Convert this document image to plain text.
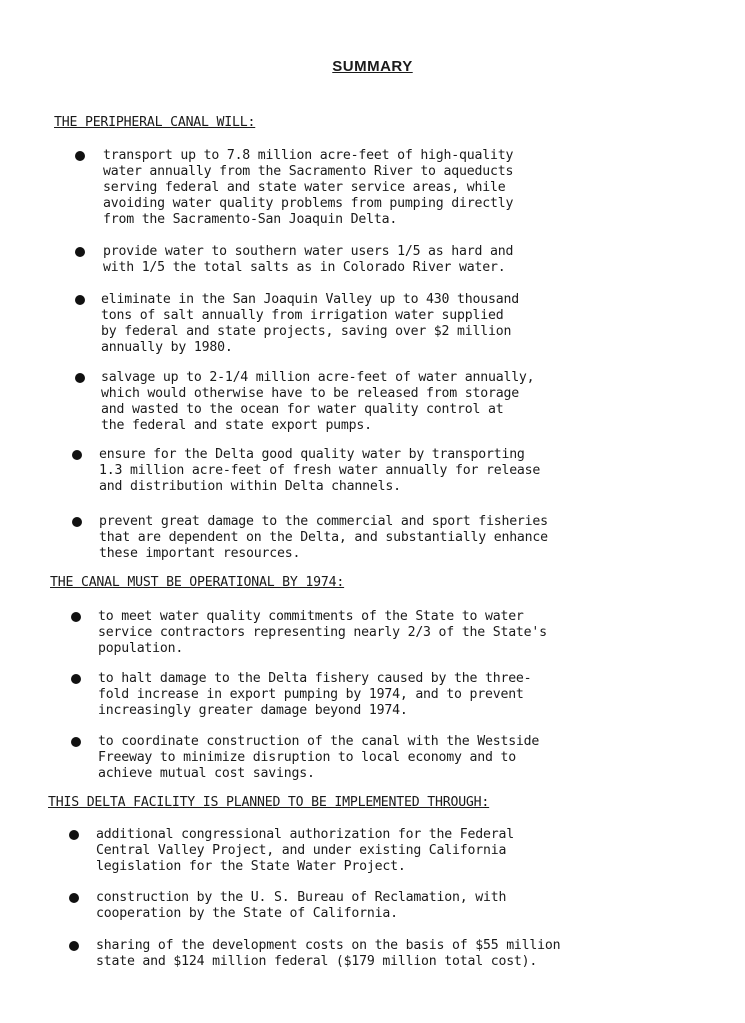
SUMMARY
THE PERIPHERAL CANAL WILL:
transport up to 7.8 million acre-feet of high-quality
water annually from the Sacramento River to aqueducts
serving federal and state water service areas, while
avoiding water quality problems from pumping directly
from the Sacramento-San Joaquin Delta.
provide water to southern water users 1/5 as hard and
with 1/5 the total salts as in Colorado River water.
eliminate in the San Joaquin Valley up to 430 thousand
tons of salt annually from irrigation water supplied
by federal and state projects, saving over $2 million
annually by 1980.
salvage up to 2-1/4 million acre-feet of water annually,
which would otherwise have to be released from storage
and wasted to the ocean for water quality control at
the federal and state export pumps.
ensure for the Delta good quality water by transporting
1.3 million acre-feet of fresh water annually for release
and distribution within Delta channels.
prevent great damage to the commercial and sport fisheries
that are dependent on the Delta, and substantially enhance
these important resources.
THE CANAL MUST BE OPERATIONAL BY 1974:
to meet water quality commitments of the State to water
service contractors representing nearly 2/3 of the State's
population.
to halt damage to the Delta fishery caused by the three-
fold increase in export pumping by 1974, and to prevent
increasingly greater damage beyond 1974.
to coordinate construction of the canal with the Westside
Freeway to minimize disruption to local economy and to
achieve mutual cost savings.
THIS DELTA FACILITY IS PLANNED TO BE IMPLEMENTED THROUGH:
additional congressional authorization for the Federal
Central Valley Project, and under existing California
legislation for the State Water Project.
construction by the U. S. Bureau of Reclamation, with
cooperation by the State of California.
sharing of the development costs on the basis of $55 million
state and $124 million federal ($179 million total cost).
